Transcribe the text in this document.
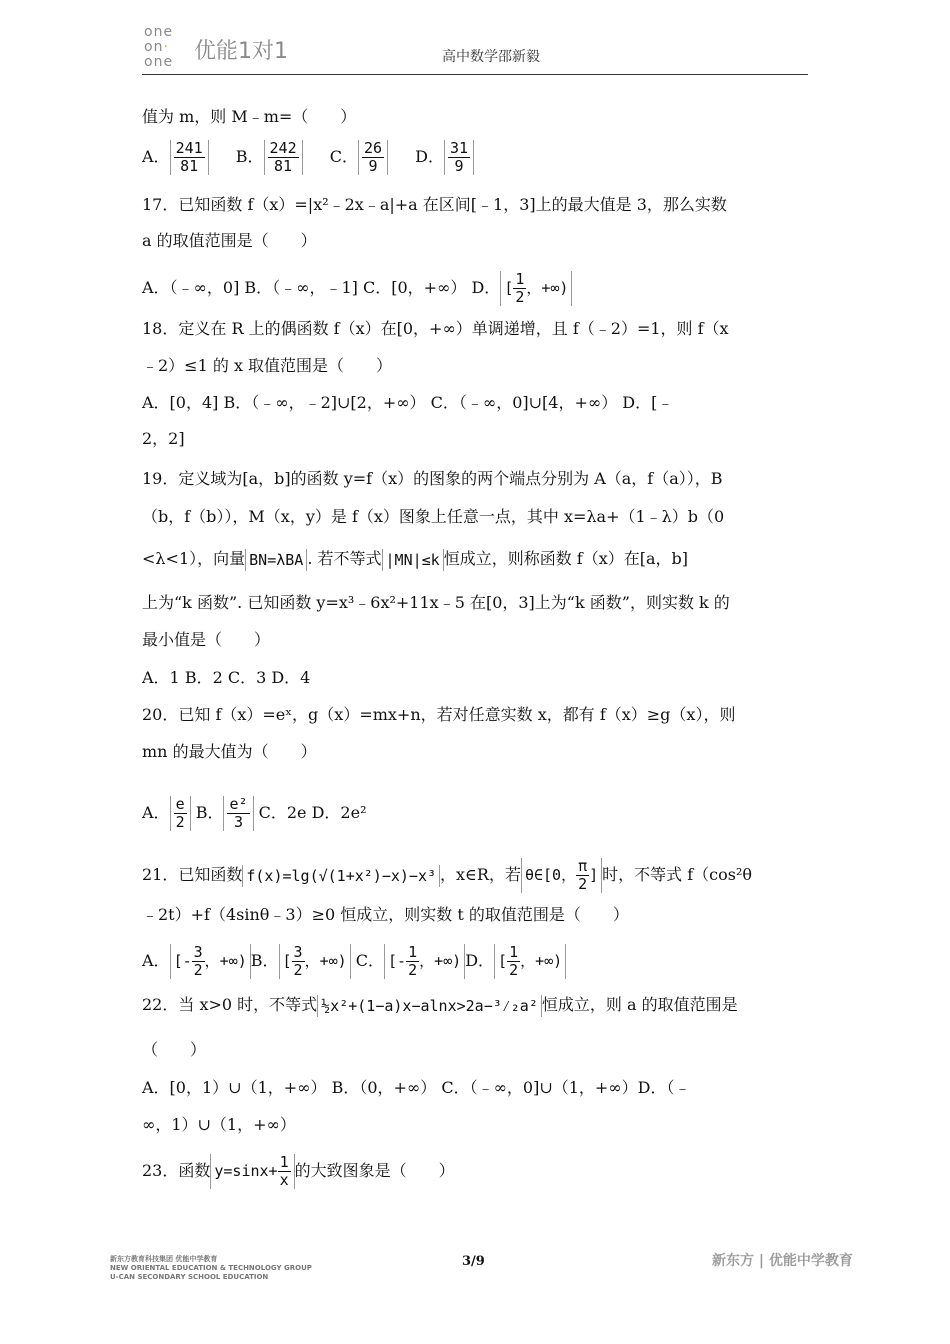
one
on·
one 优能1对1	高中数学邵新毅
值为 m，则 M﹣m=（　　）
A． $\frac{241}{81}$ B． $\frac{242}{81}$ C． $\frac{26}{9}$ D． $\frac{31}{9}$
17．已知函数 f（x）=|x²﹣2x﹣a|+a 在区间[﹣1，3]上的最大值是 3，那么实数
a 的取值范围是（　　）
A．（﹣∞，0] B．（﹣∞，﹣1] C．[0，+∞） D． [ $\frac{1}{2}$ ，+∞)
18．定义在 R 上的偶函数 f（x）在[0，+∞）单调递增，且 f（﹣2）=1，则 f（x
﹣2）≤1 的 x 取值范围是（　　）
A．[0，4] B．（﹣∞，﹣2]∪[2，+∞） C．（﹣∞，0]∪[4，+∞） D．[﹣
2，2]
19．定义域为[a，b]的函数 y=f（x）的图象的两个端点分别为 A（a，f（a）），B
（b，f（b）），M（x，y）是 f（x）图象上任意一点，其中 x=λa+（1﹣λ）b（0
<λ<1），向量 BN=λBA . 若不等式 |MN|≤k 恒成立，则称函数 f（x）在[a，b]
上为“k 函数”. 已知函数 y=x³﹣6x²+11x﹣5 在[0，3]上为“k 函数”，则实数 k 的
最小值是（　　）
A．1 B．2 C．3 D．4
20．已知 f（x）=eˣ，g（x）=mx+n，若对任意实数 x，都有 f（x）≥g（x），则
mn 的最大值为（　　）
A． $\frac{e}{2}$ B． $\frac{\text{e²}}{3}$ C．2e D．2e²
21．已知函数 f(x)=lg(√(1+x²)−x)−x³ ，x∈R，若 θ∈[0， $\frac{\pi}{2}$ ] 时，不等式 f（cos²θ
﹣2t）+f（4sinθ﹣3）≥0 恒成立，则实数 t 的取值范围是（　　）
A． [- $\frac{3}{2}$ ，+∞) B． [ $\frac{3}{2}$ ，+∞) C． [- $\frac{1}{2}$ ，+∞) D． [ $\frac{1}{2}$ ，+∞)
22．当 x>0 时，不等式 ½x²+(1−a)x−alnx>2a−³⁄₂a² 恒成立，则 a 的取值范围是
（　　）
A．[0，1）∪（1，+∞） B．（0，+∞） C．（﹣∞，0]∪（1，+∞）D．（﹣
∞，1）∪（1，+∞）
23．函数 $y=\sin x+ \frac{1}{x}$ 的大致图象是（　　）
新东方教育科技集团 优能中学教育
NEW ORIENTAL EDUCATION & TECHNOLOGY GROUP
U-CAN SECONDARY SCHOOL EDUCATION
3/9	新东方 | 优能中学教育
